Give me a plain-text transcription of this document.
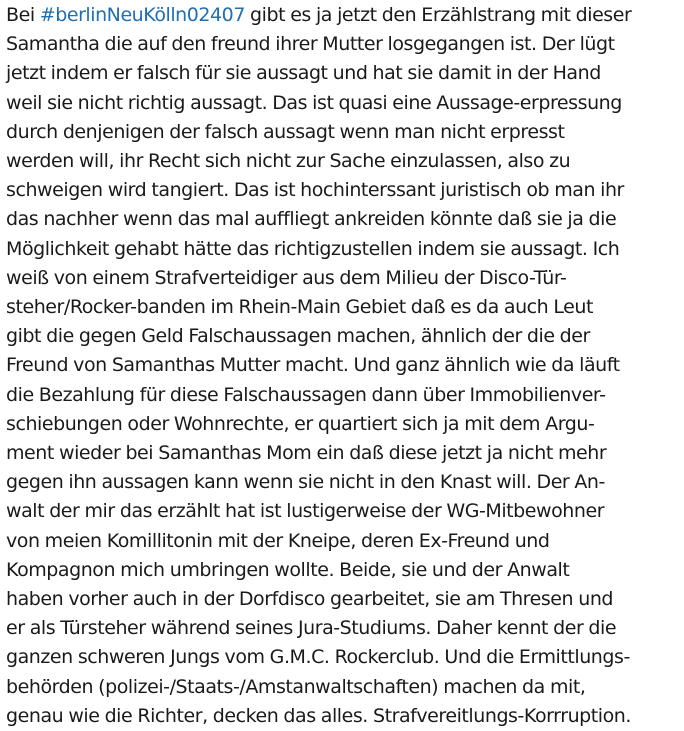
Bei #berlinNeuKölln02407 gibt es ja jetzt den Erzählstrang mit dieser
Samantha die auf den freund ihrer Mutter losgegangen ist. Der lügt
jetzt indem er falsch für sie aussagt und hat sie damit in der Hand
weil sie nicht richtig aussagt. Das ist quasi eine Aussage-erpressung
durch denjenigen der falsch aussagt wenn man nicht erpresst
werden will, ihr Recht sich nicht zur Sache einzulassen, also zu
schweigen wird tangiert. Das ist hochinterssant juristisch ob man ihr
das nachher wenn das mal auffliegt ankreiden könnte daß sie ja die
Möglichkeit gehabt hätte das richtigzustellen indem sie aussagt. Ich
weiß von einem Strafverteidiger aus dem Milieu der Disco-Tür-
steher/Rocker-banden im Rhein-Main Gebiet daß es da auch Leut
gibt die gegen Geld Falschaussagen machen, ähnlich der die der
Freund von Samanthas Mutter macht. Und ganz ähnlich wie da läuft
die Bezahlung für diese Falschaussagen dann über Immobilienver-
schiebungen oder Wohnrechte, er quartiert sich ja mit dem Argu-
ment wieder bei Samanthas Mom ein daß diese jetzt ja nicht mehr
gegen ihn aussagen kann wenn sie nicht in den Knast will. Der An-
walt der mir das erzählt hat ist lustigerweise der WG-Mitbewohner
von meien Komillitonin mit der Kneipe, deren Ex-Freund und
Kompagnon mich umbringen wollte. Beide, sie und der Anwalt
haben vorher auch in der Dorfdisco gearbeitet, sie am Thresen und
er als Türsteher während seines Jura-Studiums. Daher kennt der die
ganzen schweren Jungs vom G.M.C. Rockerclub. Und die Ermittlungs-
behörden (polizei-/Staats-/Amstanwaltschaften) machen da mit,
genau wie die Richter, decken das alles. Strafvereitlungs-Korrruption.
